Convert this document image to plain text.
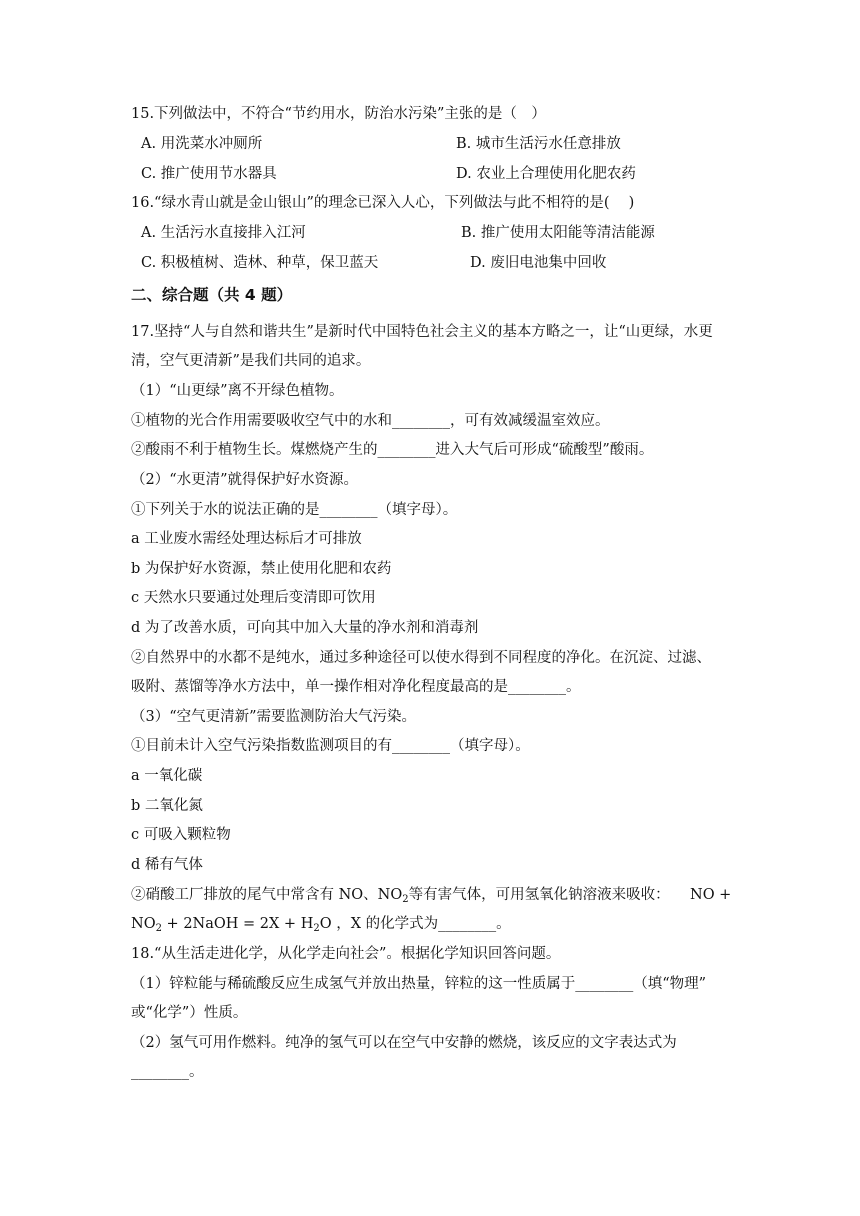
15.下列做法中，不符合“节约用水，防治水污染”主张的是（　）
A. 用洗菜水冲厕所	B. 城市生活污水任意排放
C. 推广使用节水器具	D. 农业上合理使用化肥农药
16.“绿水青山就是金山银山”的理念已深入人心，下列做法与此不相符的是(　 )
A. 生活污水直接排入江河	B. 推广使用太阳能等清洁能源
C. 积极植树、造林、种草，保卫蓝天	D. 废旧电池集中回收
二、综合题（共 4 题）
17.坚持“人与自然和谐共生”是新时代中国特色社会主义的基本方略之一，让“山更绿，水更
清，空气更清新”是我们共同的追求。
（1）“山更绿”离不开绿色植物。
①植物的光合作用需要吸收空气中的水和________，可有效减缓温室效应。
②酸雨不利于植物生长。煤燃烧产生的________进入大气后可形成“硫酸型”酸雨。
（2）“水更清”就得保护好水资源。
①下列关于水的说法正确的是________（填字母）。
a 工业废水需经处理达标后才可排放
b 为保护好水资源，禁止使用化肥和农药
c 天然水只要通过处理后变清即可饮用
d 为了改善水质，可向其中加入大量的净水剂和消毒剂
②自然界中的水都不是纯水，通过多种途径可以使水得到不同程度的净化。在沉淀、过滤、
吸附、蒸馏等净水方法中，单一操作相对净化程度最高的是________。
（3）“空气更清新”需要监测防治大气污染。
①目前未计入空气污染指数监测项目的有________（填字母）。
a 一氧化碳
b 二氧化氮
c 可吸入颗粒物
d 稀有气体
②硝酸工厂排放的尾气中常含有 NO、$NO_2$等有害气体，可用氢氧化钠溶液来吸收： NO +
$NO_2$ + 2NaOH = $2X + H_2O$ ，X 的化学式为________。
18.“从生活走进化学，从化学走向社会”。根据化学知识回答问题。
（1）锌粒能与稀硫酸反应生成氢气并放出热量，锌粒的这一性质属于________（填“物理”
或“化学”）性质。
（2）氢气可用作燃料。纯净的氢气可以在空气中安静的燃烧，该反应的文字表达式为
________。
